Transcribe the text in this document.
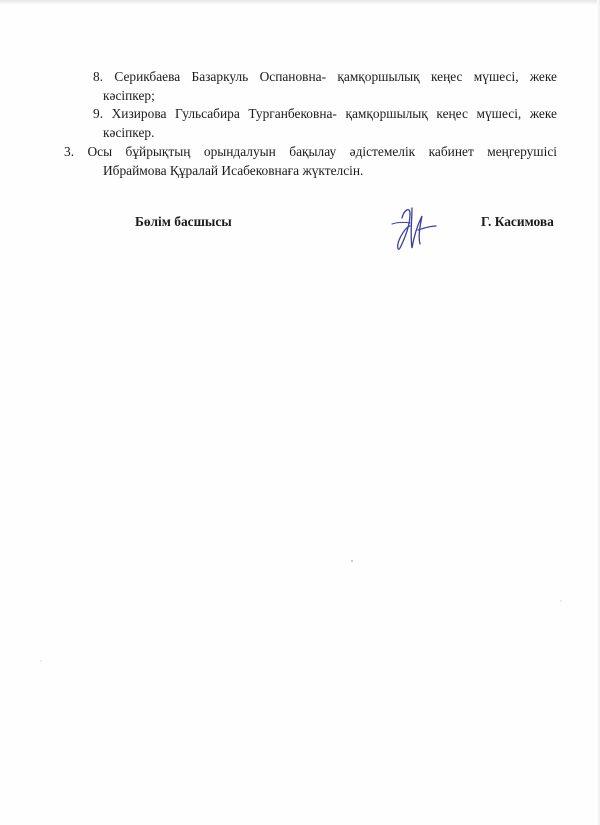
8. Серикбаева Базаркуль Оспановна- қамқоршылық кеңес мүшесі, жеке
кәсіпкер;
9. Хизирова Гульсабира Турганбековна- қамқоршылық кеңес мүшесі, жеке
кәсіпкер.
3. Осы бұйрықтың орындалуын бақылау әдістемелік кабинет меңгерушісі
Ибраймова Құралай Исабековнаға жүктелсін.
Бөлім басшысы	Г. Касимова
